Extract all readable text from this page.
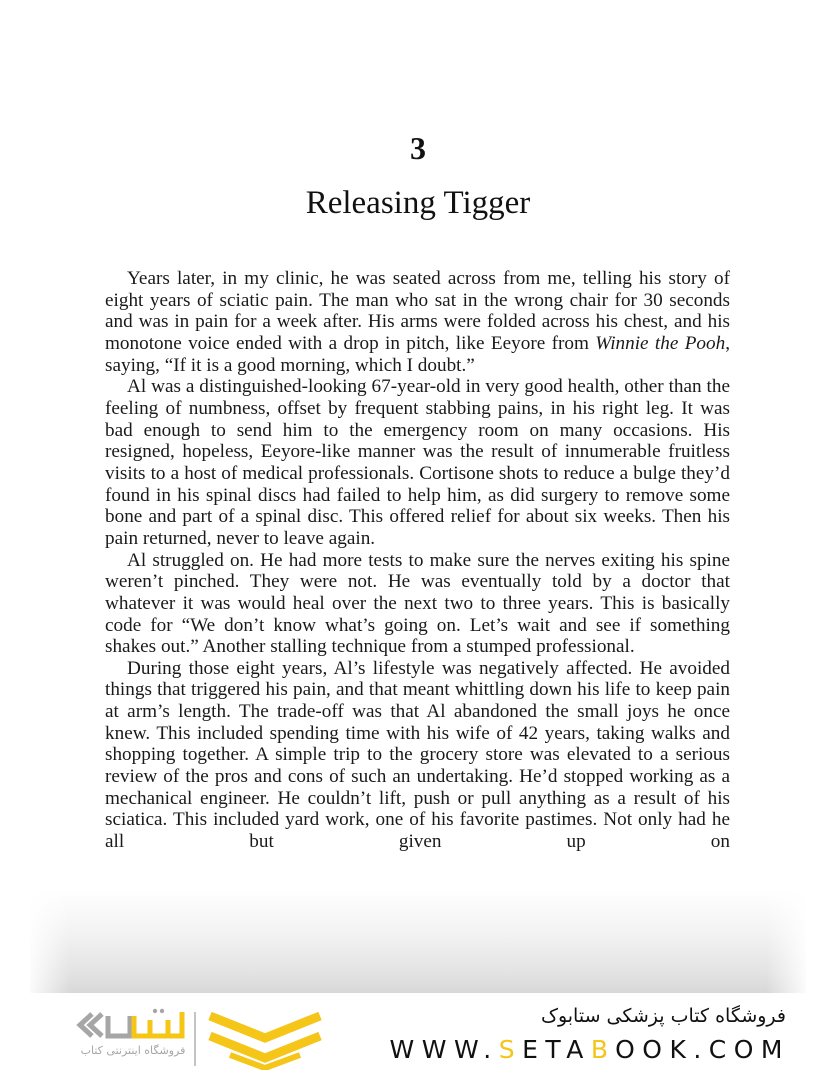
3
Releasing Tigger

Years later, in my clinic, he was seated across from me, telling his story of eight years of sciatic pain. The man who sat in the wrong chair for 30 seconds and was in pain for a week after. His arms were folded across his chest, and his monotone voice ended with a drop in pitch, like Eeyore from Winnie the Pooh, saying, “If it is a good morning, which I doubt.”

Al was a distinguished-looking 67-year-old in very good health, other than the feeling of numbness, offset by frequent stabbing pains, in his right leg. It was bad enough to send him to the emergency room on many occasions. His resigned, hopeless, Eeyore-like manner was the result of innumerable fruitless visits to a host of medical professionals. Cortisone shots to reduce a bulge they’d found in his spinal discs had failed to help him, as did surgery to remove some bone and part of a spinal disc. This offered relief for about six weeks. Then his pain returned, never to leave again.

Al struggled on. He had more tests to make sure the nerves exiting his spine weren’t pinched. They were not. He was eventually told by a doctor that whatever it was would heal over the next two to three years. This is basically code for “We don’t know what’s going on. Let’s wait and see if something shakes out.” Another stalling technique from a stumped professional.

During those eight years, Al’s lifestyle was negatively affected. He avoided things that triggered his pain, and that meant whittling down his life to keep pain at arm’s length. The trade-off was that Al abandoned the small joys he once knew. This included spending time with his wife of 42 years, taking walks and shopping together. A simple trip to the grocery store was elevated to a serious review of the pros and cons of such an undertaking. He’d stopped working as a mechanical engineer. He couldn’t lift, push or pull anything as a result of his sciatica. This included yard work, one of his favorite pastimes. Not only had he all but given up on

فروشگاه اینترنتی کتاب
فروشگاه کتاب پزشکی ستابوک
WWW.SETABOOK.COM
